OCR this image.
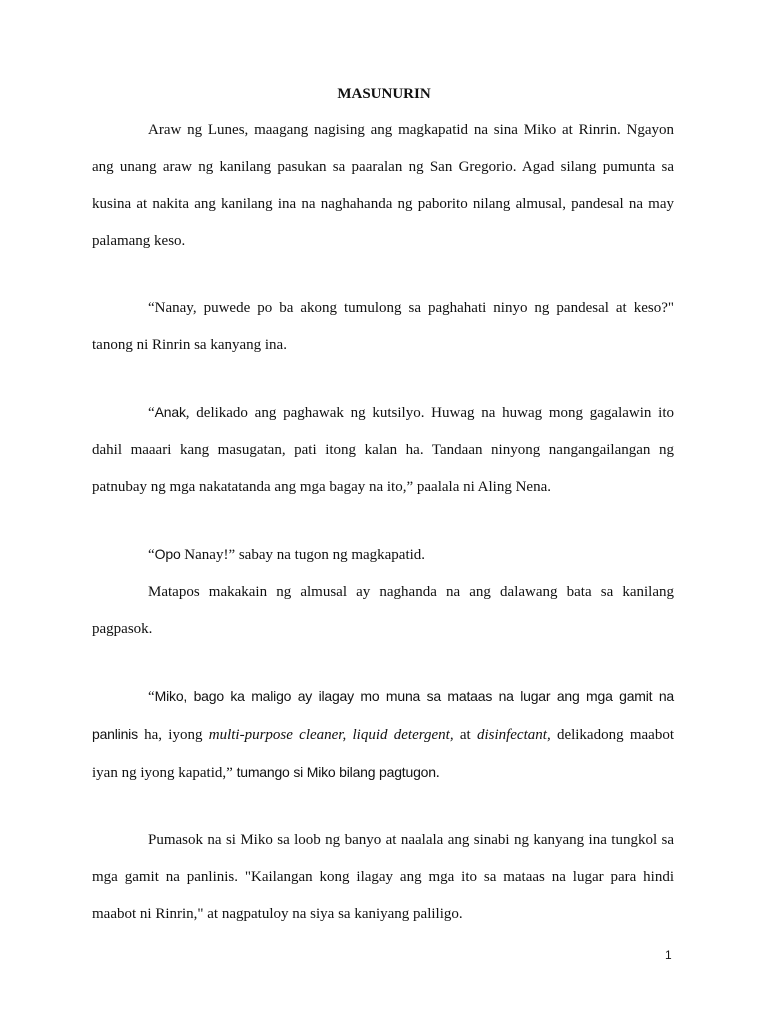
MASUNURIN

Araw ng Lunes, maagang nagising ang magkapatid na sina Miko at Rinrin. Ngayon ang unang araw ng kanilang pasukan sa paaralan ng San Gregorio. Agad silang pumunta sa kusina at nakita ang kanilang ina na naghahanda ng paborito nilang almusal, pandesal na may palamang keso.

“Nanay, puwede po ba akong tumulong sa paghahati ninyo ng pandesal at keso?" tanong ni Rinrin sa kanyang ina.

“Anak, delikado ang paghawak ng kutsilyo. Huwag na huwag mong gagalawin ito dahil maaari kang masugatan, pati itong kalan ha. Tandaan ninyong nangangailangan ng patnubay ng mga nakatatanda ang mga bagay na ito,” paalala ni Aling Nena.

“Opo Nanay!” sabay na tugon ng magkapatid.

Matapos makakain ng almusal ay naghanda na ang dalawang bata sa kanilang pagpasok.

“Miko, bago ka maligo ay ilagay mo muna sa mataas na lugar ang mga gamit na panlinis ha, iyong multi-purpose cleaner, liquid detergent, at disinfectant, delikadong maabot iyan ng iyong kapatid,” tumango si Miko bilang pagtugon.

Pumasok na si Miko sa loob ng banyo at naalala ang sinabi ng kanyang ina tungkol sa mga gamit na panlinis. "Kailangan kong ilagay ang mga ito sa mataas na lugar para hindi maabot ni Rinrin," at nagpatuloy na siya sa kaniyang paliligo.

1
